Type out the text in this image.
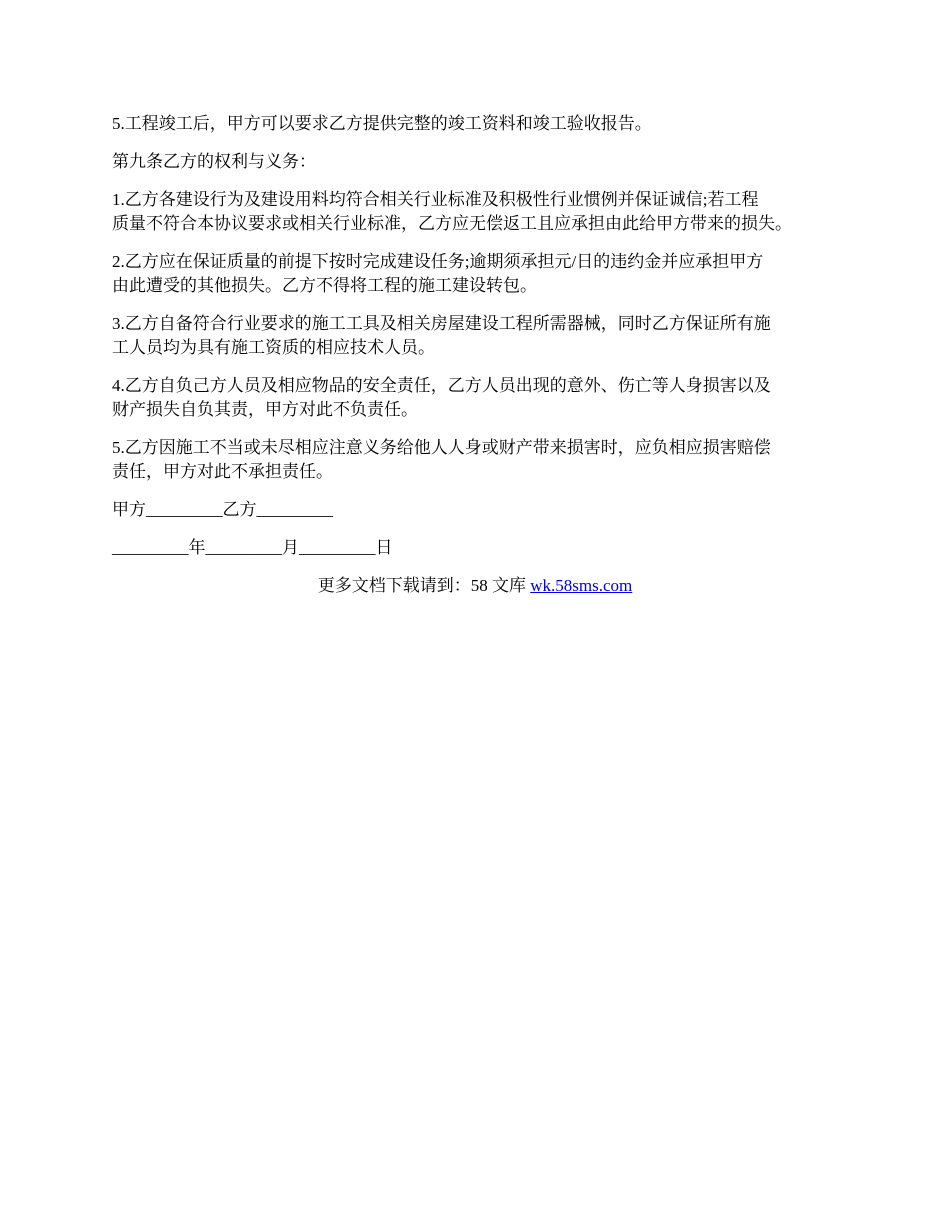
5.工程竣工后，甲方可以要求乙方提供完整的竣工资料和竣工验收报告。

第九条乙方的权利与义务：

1.乙方各建设行为及建设用料均符合相关行业标准及积极性行业惯例并保证诚信;若工程
质量不符合本协议要求或相关行业标准，乙方应无偿返工且应承担由此给甲方带来的损失。

2.乙方应在保证质量的前提下按时完成建设任务;逾期须承担元/日的违约金并应承担甲方
由此遭受的其他损失。乙方不得将工程的施工建设转包。

3.乙方自备符合行业要求的施工工具及相关房屋建设工程所需器械，同时乙方保证所有施
工人员均为具有施工资质的相应技术人员。

4.乙方自负己方人员及相应物品的安全责任，乙方人员出现的意外、伤亡等人身损害以及
财产损失自负其责，甲方对此不负责任。

5.乙方因施工不当或未尽相应注意义务给他人人身或财产带来损害时，应负相应损害赔偿
责任，甲方对此不承担责任。

甲方_________乙方_________

_________年_________月_________日

更多文档下载请到：58 文库 wk.58sms.com
